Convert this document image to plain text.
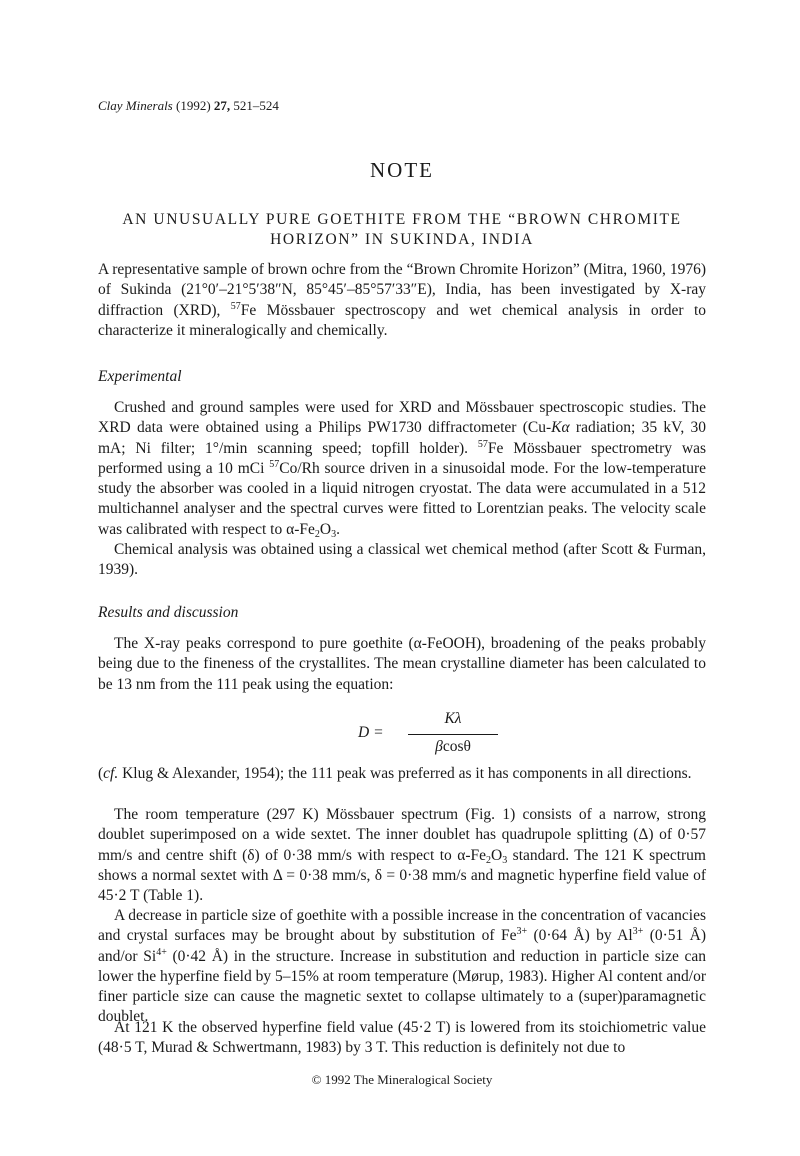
Clay Minerals (1992) 27, 521–524
NOTE
AN UNUSUALLY PURE GOETHITE FROM THE “BROWN CHROMITE
HORIZON” IN SUKINDA, INDIA

A representative sample of brown ochre from the “Brown Chromite Horizon” (Mitra, 1960, 1976) of Sukinda (21°0′–21°5′38″N, 85°45′–85°57′33″E), India, has been investigated by X-ray diffraction (XRD), $^{57}$Fe Mössbauer spectroscopy and wet chemical analysis in order to characterize it mineralogically and chemically.

Experimental

Crushed and ground samples were used for XRD and Mössbauer spectroscopic studies. The XRD data were obtained using a Philips PW1730 diffractometer (Cu-Kα radiation; 35 kV, 30 mA; Ni filter; 1°/min scanning speed; topfill holder). $^{57}$Fe Mössbauer spectrometry was performed using a 10 mCi $^{57}$Co/Rh source driven in a sinusoidal mode. For the low-temperature study the absorber was cooled in a liquid nitrogen cryostat. The data were accumulated in a 512 multichannel analyser and the spectral curves were fitted to Lorentzian peaks. The velocity scale was calibrated with respect to $\alpha-Fe_2O_3$.

Chemical analysis was obtained using a classical wet chemical method (after Scott & Furman, 1939).

Results and discussion

The X-ray peaks correspond to pure goethite (α-FeOOH), broadening of the peaks probably being due to the fineness of the crystallites. The mean crystalline diameter has been calculated to be 13 nm from the 111 peak using the equation:

D =
Kλ
βcosθ

(cf. Klug & Alexander, 1954); the 111 peak was preferred as it has components in all directions.

The room temperature (297 K) Mössbauer spectrum (Fig. 1) consists of a narrow, strong doublet superimposed on a wide sextet. The inner doublet has quadrupole splitting (Δ) of 0·57 mm/s and centre shift (δ) of 0·38 mm/s with respect to $\alpha-Fe_2O_3$ standard. The 121 K spectrum shows a normal sextet with Δ = 0·38 mm/s, δ = 0·38 mm/s and magnetic hyperfine field value of 45·2 T (Table 1).

A decrease in particle size of goethite with a possible increase in the concentration of vacancies and crystal surfaces may be brought about by substitution of $Fe^{3+}$ (0·64 Å) by $Al^{3+}$ (0·51 Å) and/or $Si^{4+}$ (0·42 Å) in the structure. Increase in substitution and reduction in particle size can lower the hyperfine field by 5–15% at room temperature (Mørup, 1983). Higher Al content and/or finer particle size can cause the magnetic sextet to collapse ultimately to a (super)paramagnetic doublet.

At 121 K the observed hyperfine field value (45·2 T) is lowered from its stoichiometric value (48·5 T, Murad & Schwertmann, 1983) by 3 T. This reduction is definitely not due to

© 1992 The Mineralogical Society
